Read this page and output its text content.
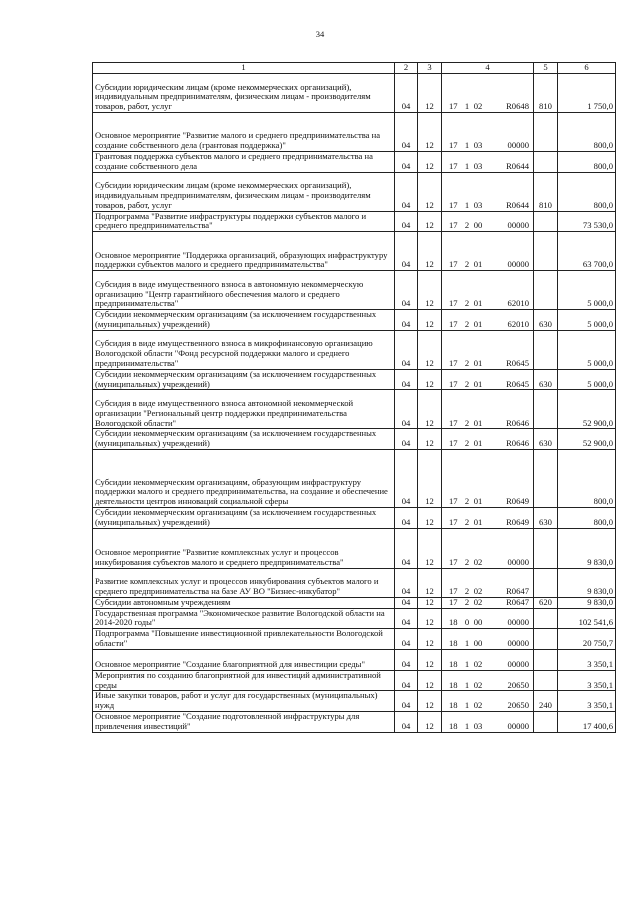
34
1	2	3	4	5	6
Субсидии юридическим лицам (кроме некоммерческих организаций), индивидуальным предпринимателям, физическим лицам - производителям товаров, работ, услуг	04	12	17 1 02 R0648	810	1 750,0
Основное мероприятие "Развитие малого и среднего предпринимательства на создание собственного дела (грантовая поддержка)"	04	12	17 1 03 00000		800,0
Грантовая поддержка субъектов малого и среднего предпринимательства на создание собственного дела	04	12	17 1 03 R0644		800,0
Субсидии юридическим лицам (кроме некоммерческих организаций), индивидуальным предпринимателям, физическим лицам - производителям товаров, работ, услуг	04	12	17 1 03 R0644	810	800,0
Подпрограмма "Развитие инфраструктуры поддержки субъектов малого и среднего предпринимательства"	04	12	17 2 00 00000		73 530,0
Основное мероприятие "Поддержка организаций, образующих инфраструктуру поддержки субъектов малого и среднего предпринимательства"	04	12	17 2 01 00000		63 700,0
Субсидия в виде имущественного взноса в автономную некоммерческую организацию "Центр гарантийного обеспечения малого и среднего предпринимательства"	04	12	17 2 01 62010		5 000,0
Субсидии некоммерческим организациям (за исключением государственных (муниципальных) учреждений)	04	12	17 2 01 62010	630	5 000,0
Субсидия в виде имущественного взноса в микрофинансовую организацию Вологодской области "Фонд ресурсной поддержки малого и среднего предпринимательства"	04	12	17 2 01 R0645		5 000,0
Субсидии некоммерческим организациям (за исключением государственных (муниципальных) учреждений)	04	12	17 2 01 R0645	630	5 000,0
Субсидия в виде имущественного взноса автономной некоммерческой организации "Региональный центр поддержки предпринимательства Вологодской области"	04	12	17 2 01 R0646		52 900,0
Субсидии некоммерческим организациям (за исключением государственных (муниципальных) учреждений)	04	12	17 2 01 R0646	630	52 900,0
Субсидии некоммерческим организациям, образующим инфраструктуру поддержки малого и среднего предпринимательства, на создание и обеспечение деятельности центров инноваций социальной сферы	04	12	17 2 01 R0649		800,0
Субсидии некоммерческим организациям (за исключением государственных (муниципальных) учреждений)	04	12	17 2 01 R0649	630	800,0
Основное мероприятие "Развитие комплексных услуг и процессов инкубирования субъектов малого и среднего предпринимательства"	04	12	17 2 02 00000		9 830,0
Развитие комплексных услуг и процессов инкубирования субъектов малого и среднего предпринимательства на базе АУ ВО "Бизнес-инкубатор"	04	12	17 2 02 R0647		9 830,0
Субсидии автономным учреждениям	04	12	17 2 02 R0647	620	9 830,0
Государственная программа "Экономическое развитие Вологодской области на 2014-2020 годы"	04	12	18 0 00 00000		102 541,6
Подпрограмма "Повышение инвестиционной привлекательности Вологодской области"	04	12	18 1 00 00000		20 750,7
Основное мероприятие "Создание благоприятной для инвестиции среды"	04	12	18 1 02 00000		3 350,1
Мероприятия по созданию благоприятной для инвестиций административной среды	04	12	18 1 02 20650		3 350,1
Иные закупки товаров, работ и услуг для государственных (муниципальных) нужд	04	12	18 1 02 20650	240	3 350,1
Основное мероприятие "Создание подготовленной инфраструктуры для привлечения инвестиций"	04	12	18 1 03 00000		17 400,6
